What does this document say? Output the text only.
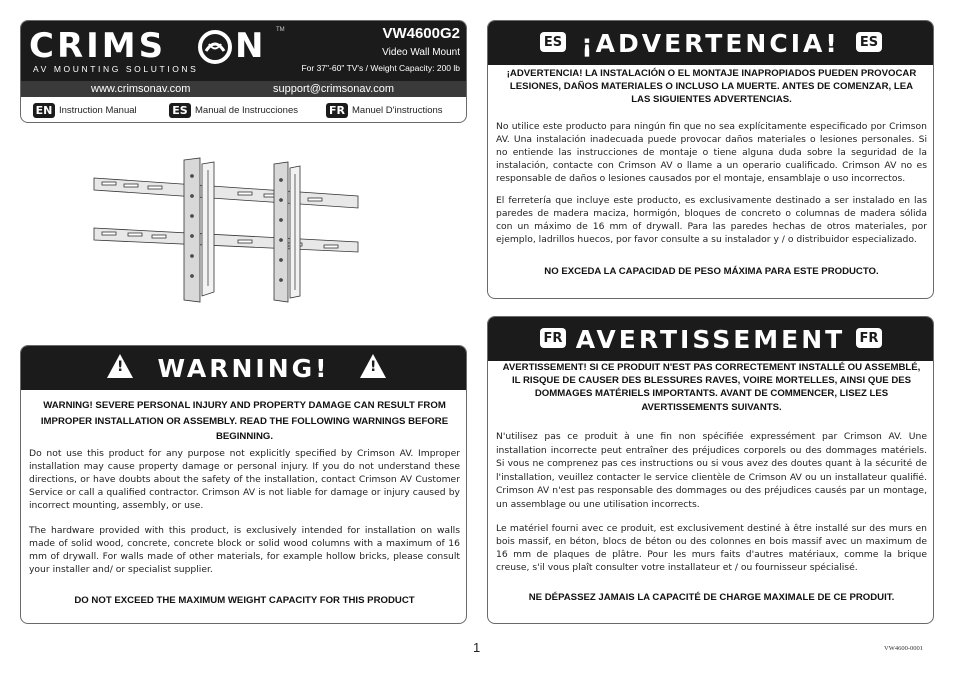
CRIMS N
AV MOUNTING SOLUTIONS
TM	VW4600G2
Video Wall Mount
For 37"-60" TV's / Weight Capacity: 200 lb
www.crimsonav.com	support@crimsonav.com
EN Instruction Manual	ES Manual de Instrucciones	FR Manuel D'instructions
! WARNING!	!
WARNING! SEVERE PERSONAL INJURY AND PROPERTY DAMAGE CAN RESULT FROM IMPROPER INSTALLATION OR ASSEMBLY. READ THE FOLLOWING WARNINGS BEFORE BEGINNING.
Do not use this product for any purpose not explicitly specified by Crimson AV. Improper installation may cause property damage or personal injury. If you do not understand these directions, or have doubts about the safety of the installation, contact Crimson AV Customer Service or call a qualified contractor. Crimson AV is not liable for damage or injury caused by incorrect mounting, assembly, or use.
The hardware provided with this product, is exclusively intended for installation on walls made of solid wood, concrete, concrete block or solid wood columns with a maximum of 16 mm of drywall. For walls made of other materials, for example hollow bricks, please consult your installer and/ or specialist supplier.
DO NOT EXCEED THE MAXIMUM WEIGHT CAPACITY FOR THIS PRODUCT
ES ¡ADVERTENCIA! ES
¡ADVERTENCIA! LA INSTALACIÓN O EL MONTAJE INAPROPIADOS PUEDEN PROVOCAR LESIONES, DAÑOS MATERIALES O INCLUSO LA MUERTE. ANTES DE COMENZAR, LEA LAS SIGUIENTES ADVERTENCIAS.
No utilice este producto para ningún fin que no sea explícitamente especificado por Crimson AV. Una instalación inadecuada puede provocar daños materiales o lesiones personales. Si no entiende las instrucciones de montaje o tiene alguna duda sobre la seguridad de la instalación, contacte con Crimson AV o llame a un operario cualificado. Crimson AV no es responsable de daños o lesiones causados por el montaje, ensamblaje o uso incorrectos.
El ferretería que incluye este producto, es exclusivamente destinado a ser instalado en las paredes de madera maciza, hormigón, bloques de concreto o columnas de madera sólida con un máximo de 16 mm of drywall. Para las paredes hechas de otros materiales, por ejemplo, ladrillos huecos, por favor consulte a su instalador y / o distribuidor especializado.
NO EXCEDA LA CAPACIDAD DE PESO MÁXIMA PARA ESTE PRODUCTO.
FR AVERTISSEMENT FR
AVERTISSEMENT! SI CE PRODUIT N'EST PAS CORRECTEMENT INSTALLÉ OU ASSEMBLÉ, IL RISQUE DE CAUSER DES BLESSURES RAVES, VOIRE MORTELLES, AINSI QUE DES DOMMAGES MATÉRIELS IMPORTANTS. AVANT DE COMMENCER, LISEZ LES AVERTISSEMENTS SUIVANTS.
N'utilisez pas ce produit à une fin non spécifiée expressément par Crimson AV. Une installation incorrecte peut entraîner des préjudices corporels ou des dommages matériels. Si vous ne comprenez pas ces instructions ou si vous avez des doutes quant à la sécurité de l'installation, veuillez contacter le service clientèle de Crimson AV ou un installateur qualifié. Crimson AV n'est pas responsable des dommages ou des préjudices causés par un montage, un assemblage ou une utilisation incorrects.
Le matériel fourni avec ce produit, est exclusivement destiné à être installé sur des murs en bois massif, en béton, blocs de béton ou des colonnes en bois massif avec un maximum de 16 mm de plaques de plâtre. Pour les murs faits d'autres matériaux, comme la brique creuse, s'il vous plaît consulter votre installateur et / ou fournisseur spécialisé.
NE DÉPASSEZ JAMAIS LA CAPACITÉ DE CHARGE MAXIMALE DE CE PRODUIT.
1	VW4600-0001
